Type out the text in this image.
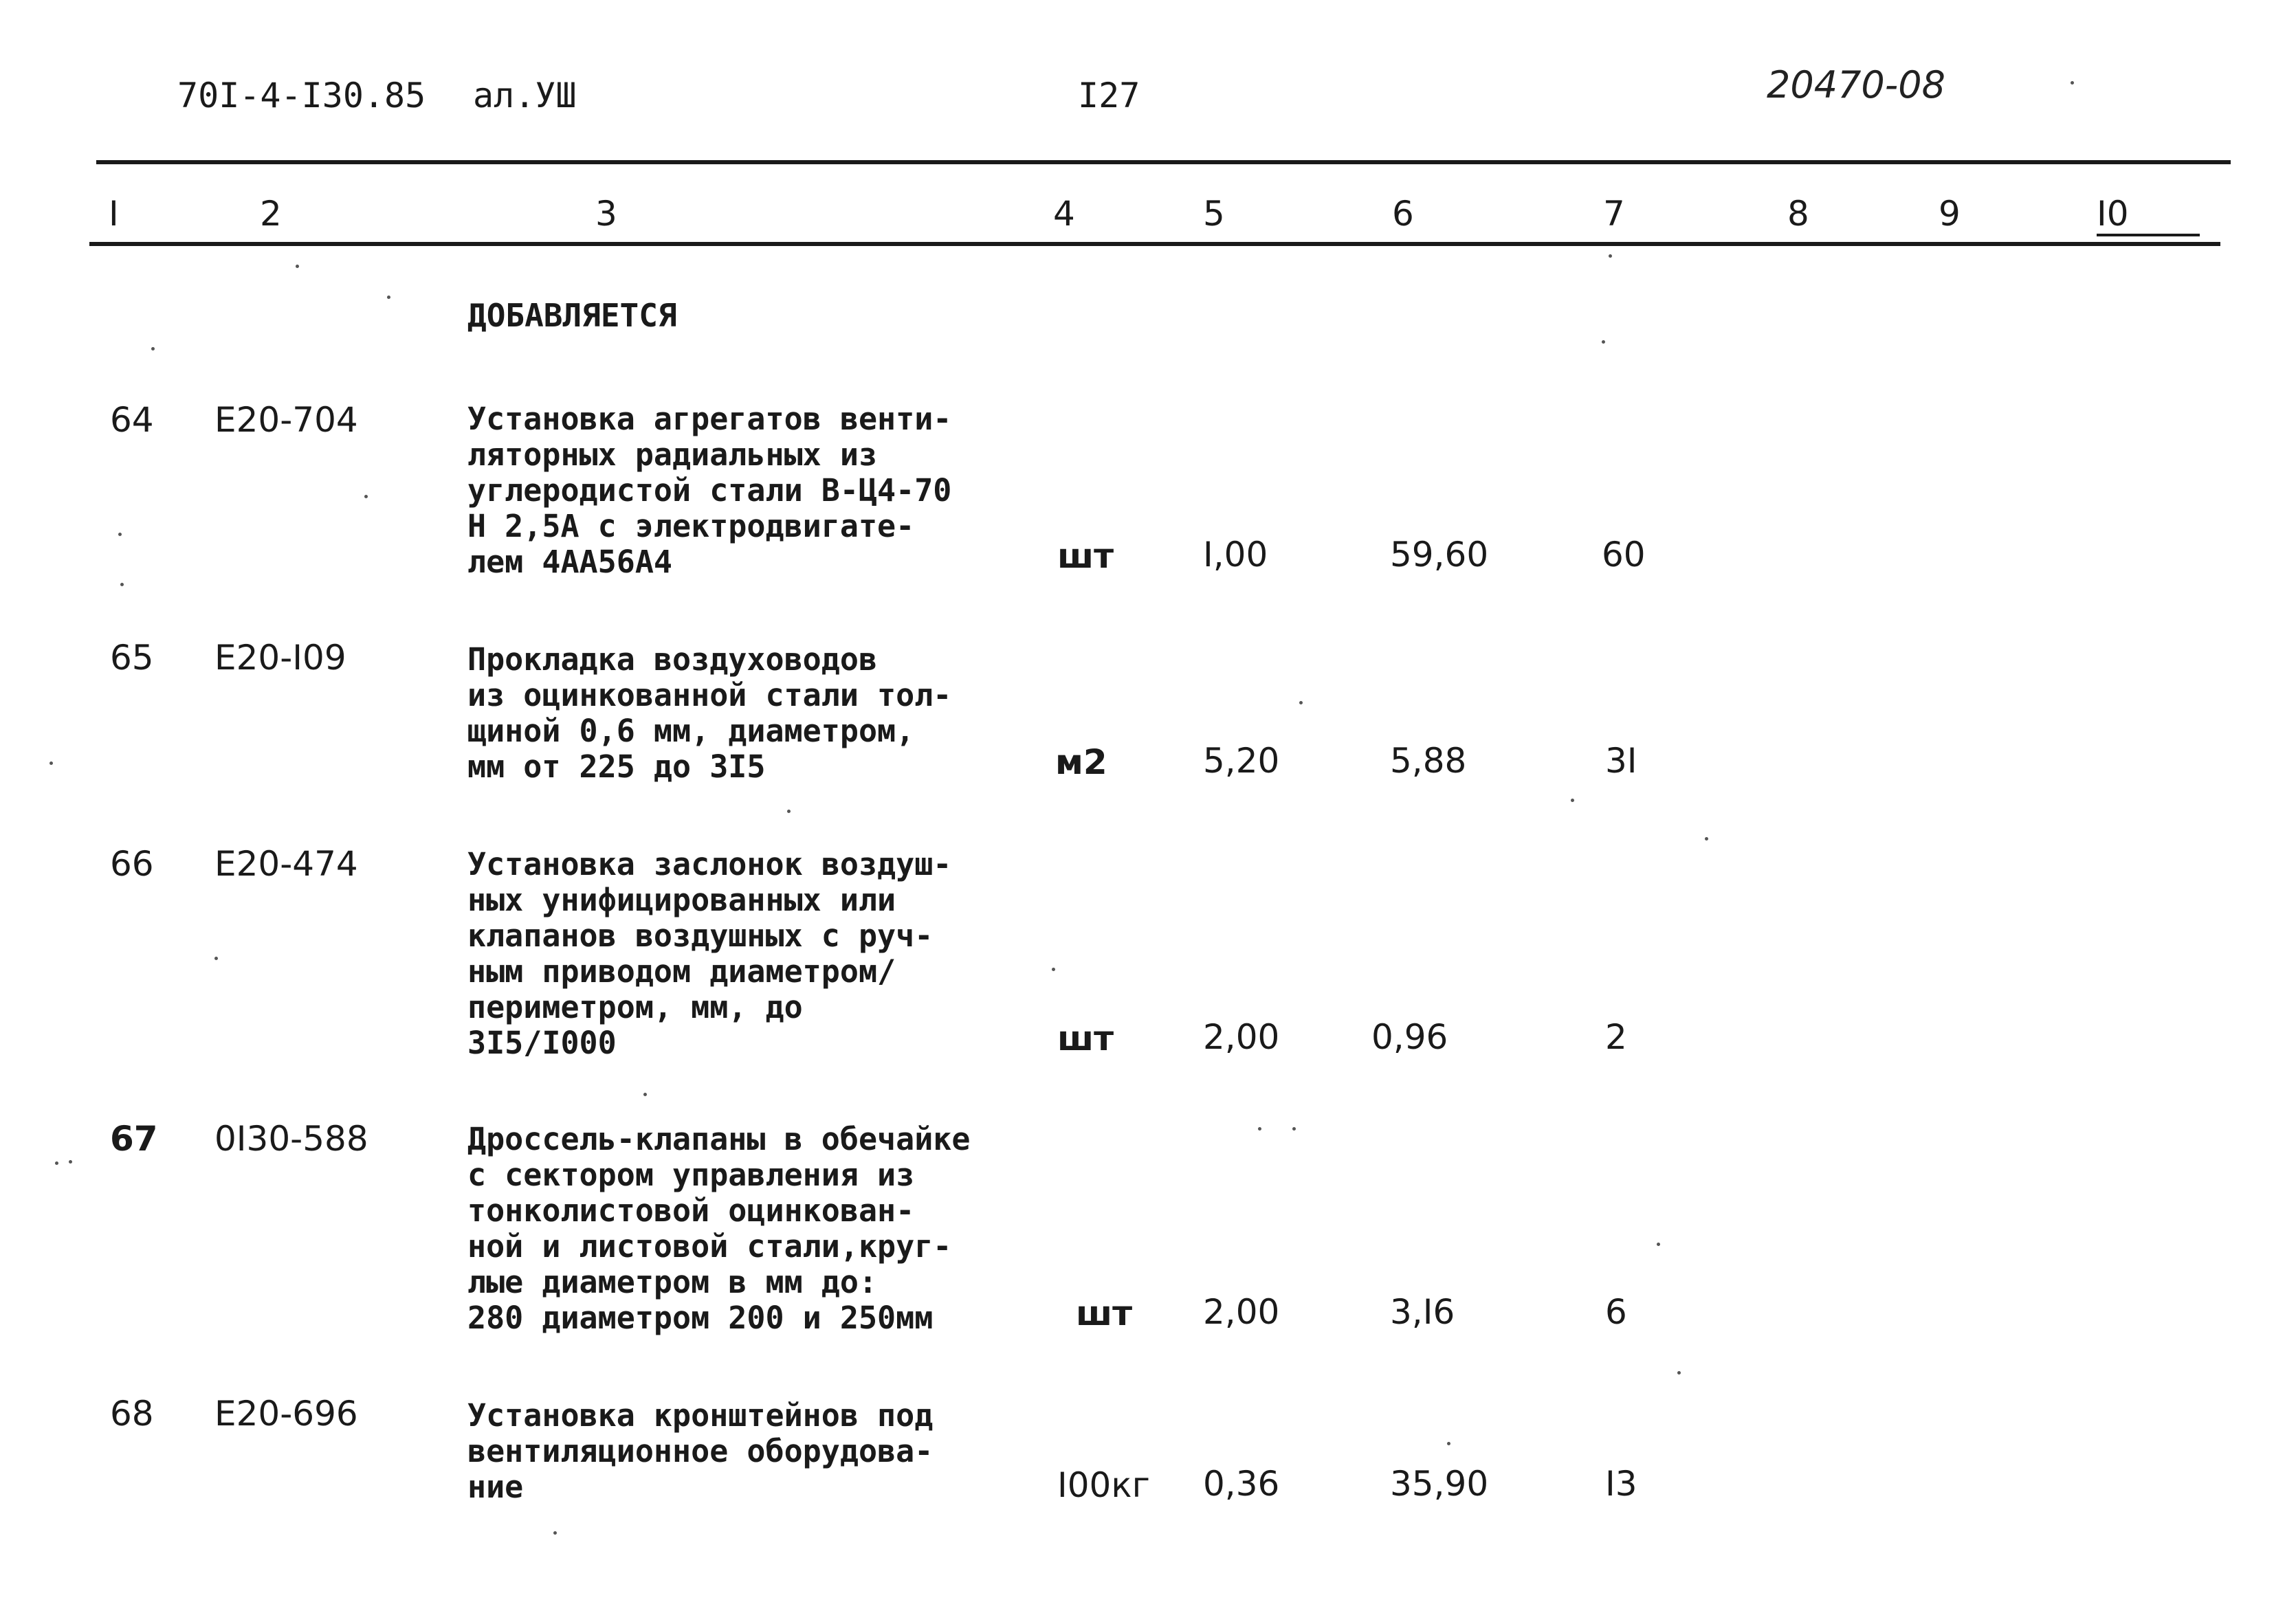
70I-4-I30.85 ал.УШ	I27	20470-08
I	2	3	4	5	6	7	8	9	I0
ДОБАВЛЯЕТСЯ
64 E20-704	Установка агрегатов венти-
ляторных радиальных из
углеродистой стали В-Ц4-70
Н 2,5А с электродвигате-
лем 4АА56А4	шт	I,00	59,60	60
65 E20-I09	Прокладка воздуховодов
из оцинкованной стали тол-
щиной 0,6 мм, диаметром,
мм от 225 до 3I5	м2	5,20	5,88	3I
66 E20-474	Установка заслонок воздуш-
ных унифицированных или
клапанов воздушных с руч-
ным приводом диаметром/
периметром, мм, до
3I5/I000	шт	2,00	0,96	2
67 0I30-588	Дроссель-клапаны в обечайке
с сектором управления из
тонколистовой оцинкован-
ной и листовой стали,круг-
лые диаметром в мм до:
280 диаметром 200 и 250мм	шт 2,00	3,I6	6
68 E20-696	Установка кронштейнов под
вентиляционное оборудова-
ние	I00кг 0,36	35,90	I3
